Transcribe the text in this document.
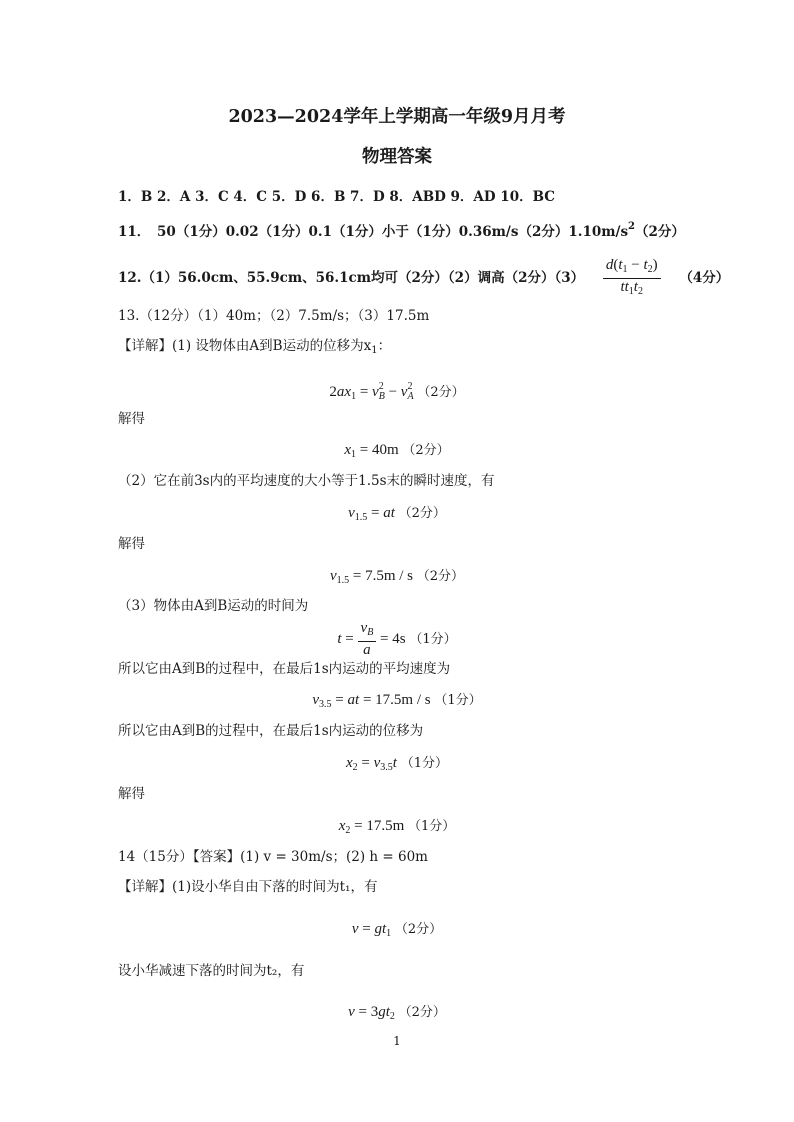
2023—2024学年上学期高一年级9月月考
物理答案
1．B 2．A 3．C 4．C 5．D 6．B 7．D 8．ABD 9．AD 10．BC
11．　50（1分）0.02（1分）0.1（1分）小于（1分）0.36m/s（2分）$1.10m/s^2(2$分）
12.（1）56.0cm、55.9cm、56.1cm均可（2分）（2）调高（2分）$(3) \frac{d(t_1 - t_2)}{tt_1t_2} (4$分）
13.（12分）（1）40m；（2）7.5m/s；（3）17.5m
【详解】(1) 设物体由A到B运动的位移为$x_1$：
$2ax_1 = v^2_B - v^2_A$ （2分）
解得
$x_1 = 40m$ （2分）
（2）它在前3s内的平均速度的大小等于1.5s末的瞬时速度，有
$v_{1.5}$ = at （2分）
解得
$v_{1.5} = 7.5m / s$ （2分）
（3）物体由A到B运动的时间为
$t = \frac{v_B}{a} = 4s$ （1分）
所以它由A到B的过程中，在最后1s内运动的平均速度为
$v_{3.5}$ = at = 17.5m / s （1分）
所以它由A到B的过程中，在最后1s内运动的位移为
$x_2 = v_{3.5}t$ （1分）
解得
$x_2 = 17.5m$ （1分）
14（15分）【答案】(1) v = 30m/s；(2) h = 60m
【详解】(1)设小华自由下落的时间为t₁，有
$v = gt_1$ （2分）
设小华减速下落的时间为t₂，有
$v = 3gt_2$ （2分）
1
